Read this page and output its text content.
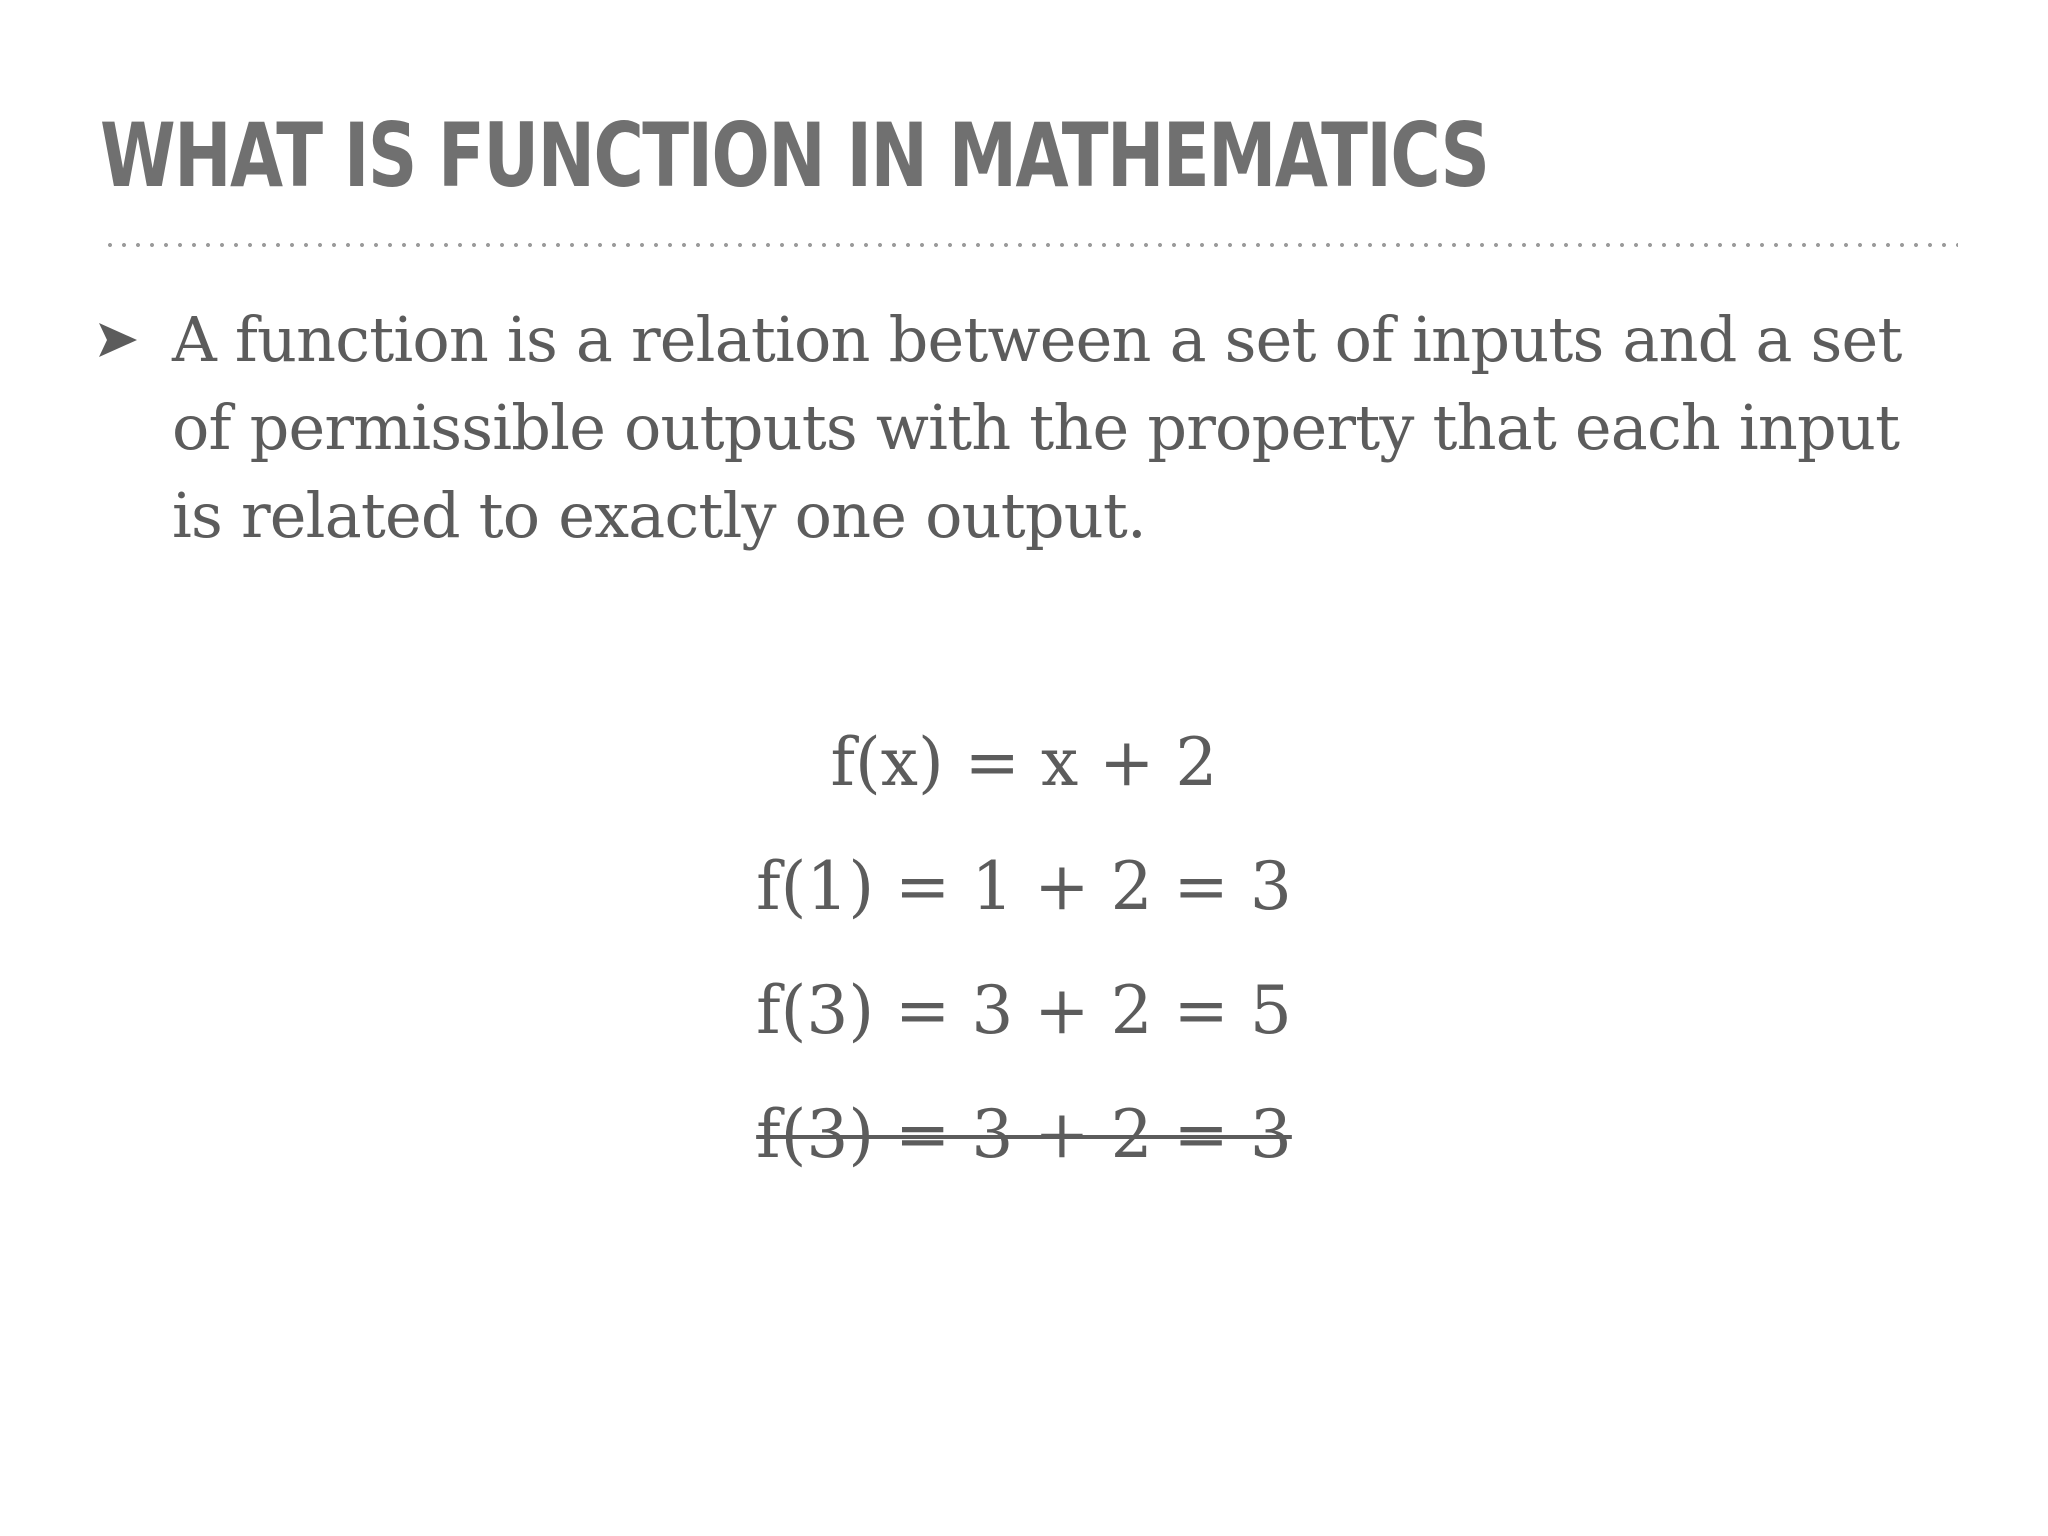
WHAT IS FUNCTION IN MATHEMATICS

A function is a relation between a set of inputs and a set of permissible outputs with the property that each input is related to exactly one output.

f(x) = x + 2
f(1) = 1 + 2 = 3
f(3) = 3 + 2 = 5
f(3) = 3 + 2 = 3
